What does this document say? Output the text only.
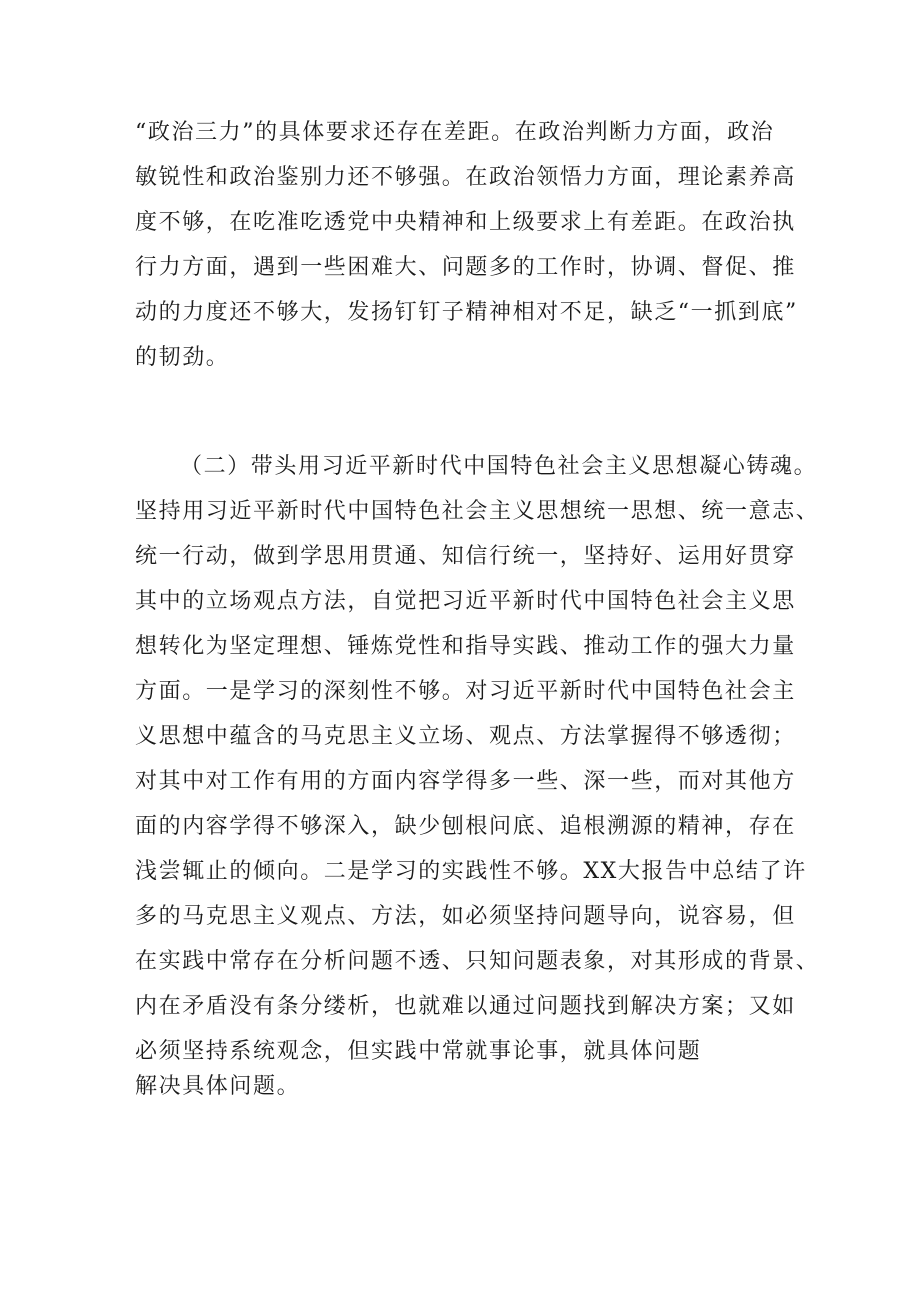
“政治三力”的具体要求还存在差距。在政治判断力方面，政治
敏锐性和政治鉴别力还不够强。在政治领悟力方面，理论素养高
度不够，在吃准吃透党中央精神和上级要求上有差距。在政治执
行力方面，遇到一些困难大、问题多的工作时，协调、督促、推
动的力度还不够大，发扬钉钉子精神相对不足，缺乏“一抓到底”
的韧劲。
（二）带头用习近平新时代中国特色社会主义思想凝心铸魂。
坚持用习近平新时代中国特色社会主义思想统一思想、统一意志、
统一行动，做到学思用贯通、知信行统一，坚持好、运用好贯穿
其中的立场观点方法，自觉把习近平新时代中国特色社会主义思
想转化为坚定理想、锤炼党性和指导实践、推动工作的强大力量
方面。一是学习的深刻性不够。对习近平新时代中国特色社会主
义思想中蕴含的马克思主义立场、观点、方法掌握得不够透彻；
对其中对工作有用的方面内容学得多一些、深一些，而对其他方
面的内容学得不够深入，缺少刨根问底、追根溯源的精神，存在
浅尝辄止的倾向。二是学习的实践性不够。XX大报告中总结了许
多的马克思主义观点、方法，如必须坚持问题导向，说容易，但
在实践中常存在分析问题不透、只知问题表象，对其形成的背景、
内在矛盾没有条分缕析，也就难以通过问题找到解决方案；又如
必须坚持系统观念，但实践中常就事论事，就具体问题
解决具体问题。
